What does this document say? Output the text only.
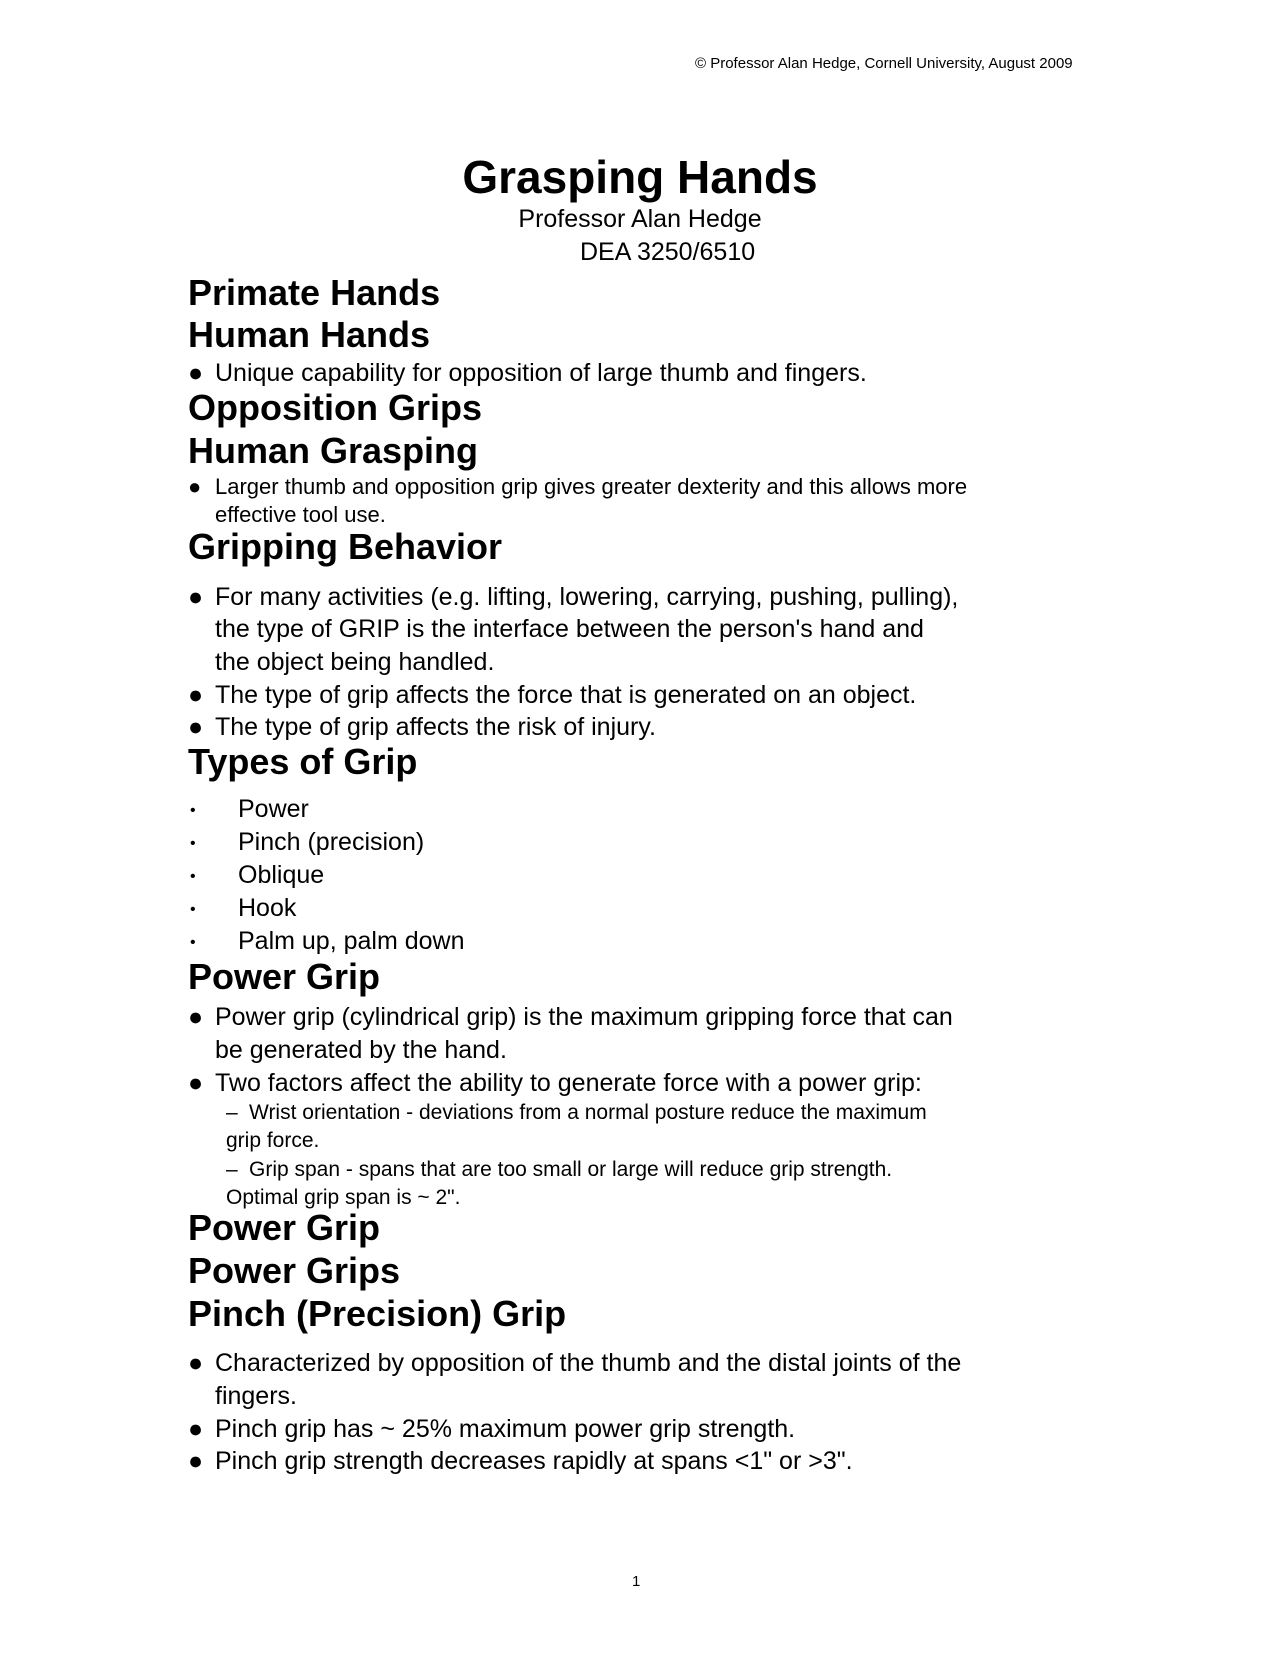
© Professor Alan Hedge, Cornell University, August 2009
Grasping Hands
Professor Alan Hedge
DEA 3250/6510
Primate Hands
Human Hands
● Unique capability for opposition of large thumb and fingers.
Opposition Grips
Human Grasping
● Larger thumb and opposition grip gives greater dexterity and this allows more
effective tool use.
Gripping Behavior
● For many activities (e.g. lifting, lowering, carrying, pushing, pulling),
the type of GRIP is the interface between the person's hand and
the object being handled.
● The type of grip affects the force that is generated on an object.
● The type of grip affects the risk of injury.
Types of Grip
• Power
• Pinch (precision)
• Oblique
• Hook
• Palm up, palm down
Power Grip
● Power grip (cylindrical grip) is the maximum gripping force that can
be generated by the hand.
● Two factors affect the ability to generate force with a power grip:
– Wrist orientation - deviations from a normal posture reduce the maximum
grip force.
– Grip span - spans that are too small or large will reduce grip strength.
Optimal grip span is ~ 2".
Power Grip
Power Grips
Pinch (Precision) Grip
● Characterized by opposition of the thumb and the distal joints of the
fingers.
● Pinch grip has ~ 25% maximum power grip strength.
● Pinch grip strength decreases rapidly at spans <1" or >3".
1
